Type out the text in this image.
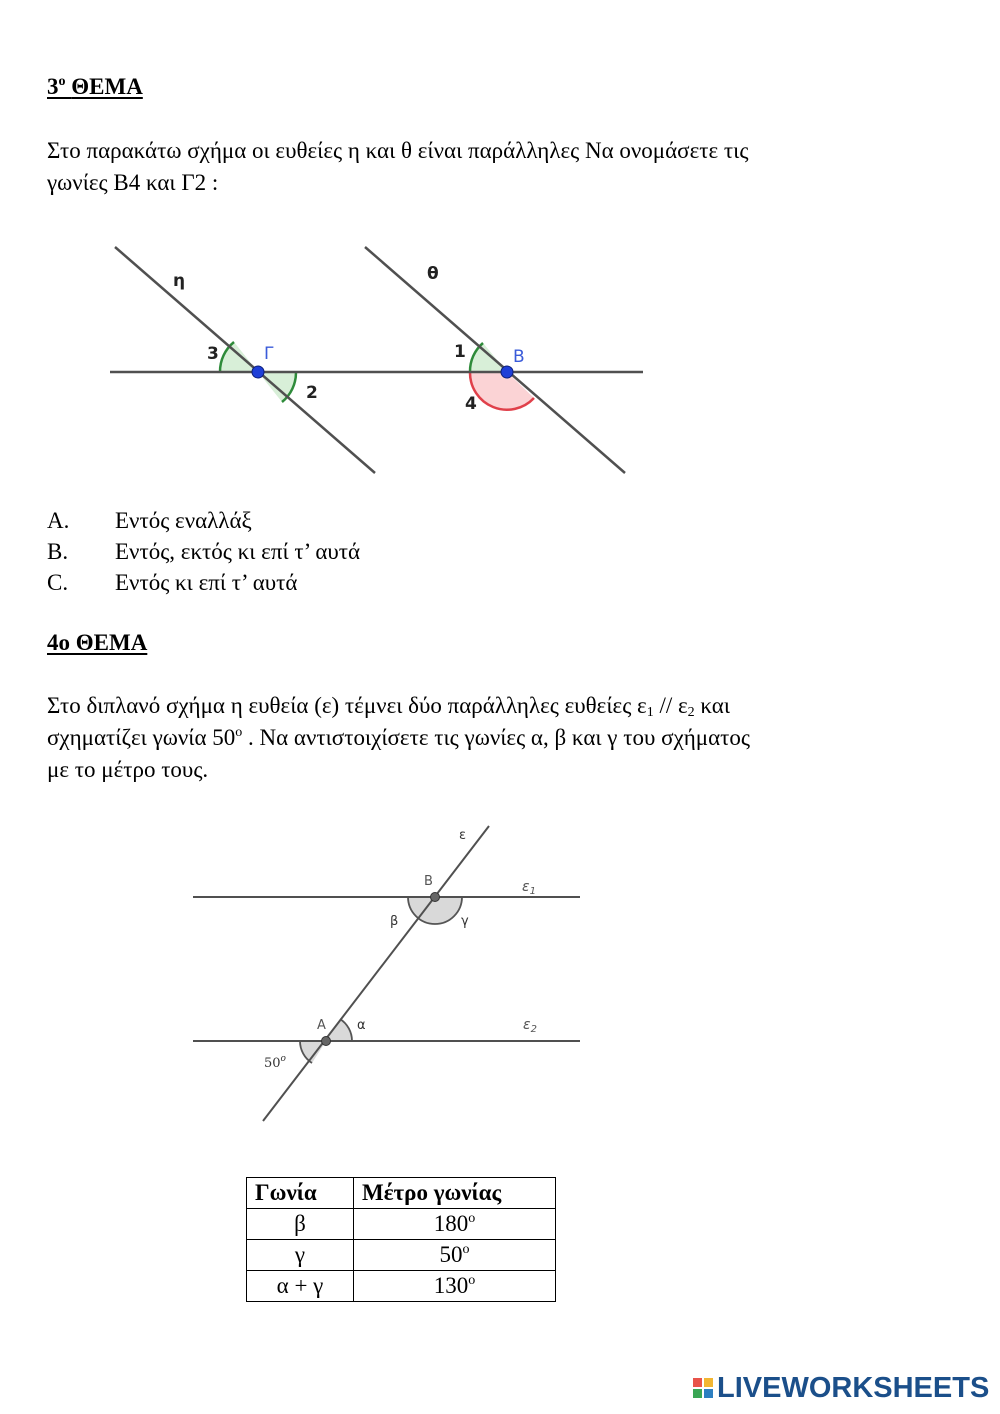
$3^o$ ΘΕΜΑ

Στο παρακάτω σχήμα οι ευθείες η και θ είναι παράλληλες Να ονομάσετε τις
γωνίες Β4 και Γ2 :

η	θ
Γ	Β
3
2
1
4
A. Εντός εναλλάξ
B. Εντός, εκτός κι επί τ’ αυτά
C. Εντός κι επί τ’ αυτά
4ο ΘΕΜΑ

Στο διπλανό σχήμα η ευθεία (ε) τέμνει δύο παράλληλες ευθείες $\varepsilon_1 // \varepsilon_2$ και
σχηματίζει γωνία $50^o$ . Να αντιστοιχίσετε τις γωνίες α, β και γ του σχήματος
με το μέτρο τους.

ε
Β
Α
$\varepsilon_1$
$\varepsilon_2$
β	γ
α
50$^o$
Γωνία	Μέτρο γωνίας
β	$180^o$
γ	$50^o$
α + γ	$130^o$
LIVEWORKSHEETS
